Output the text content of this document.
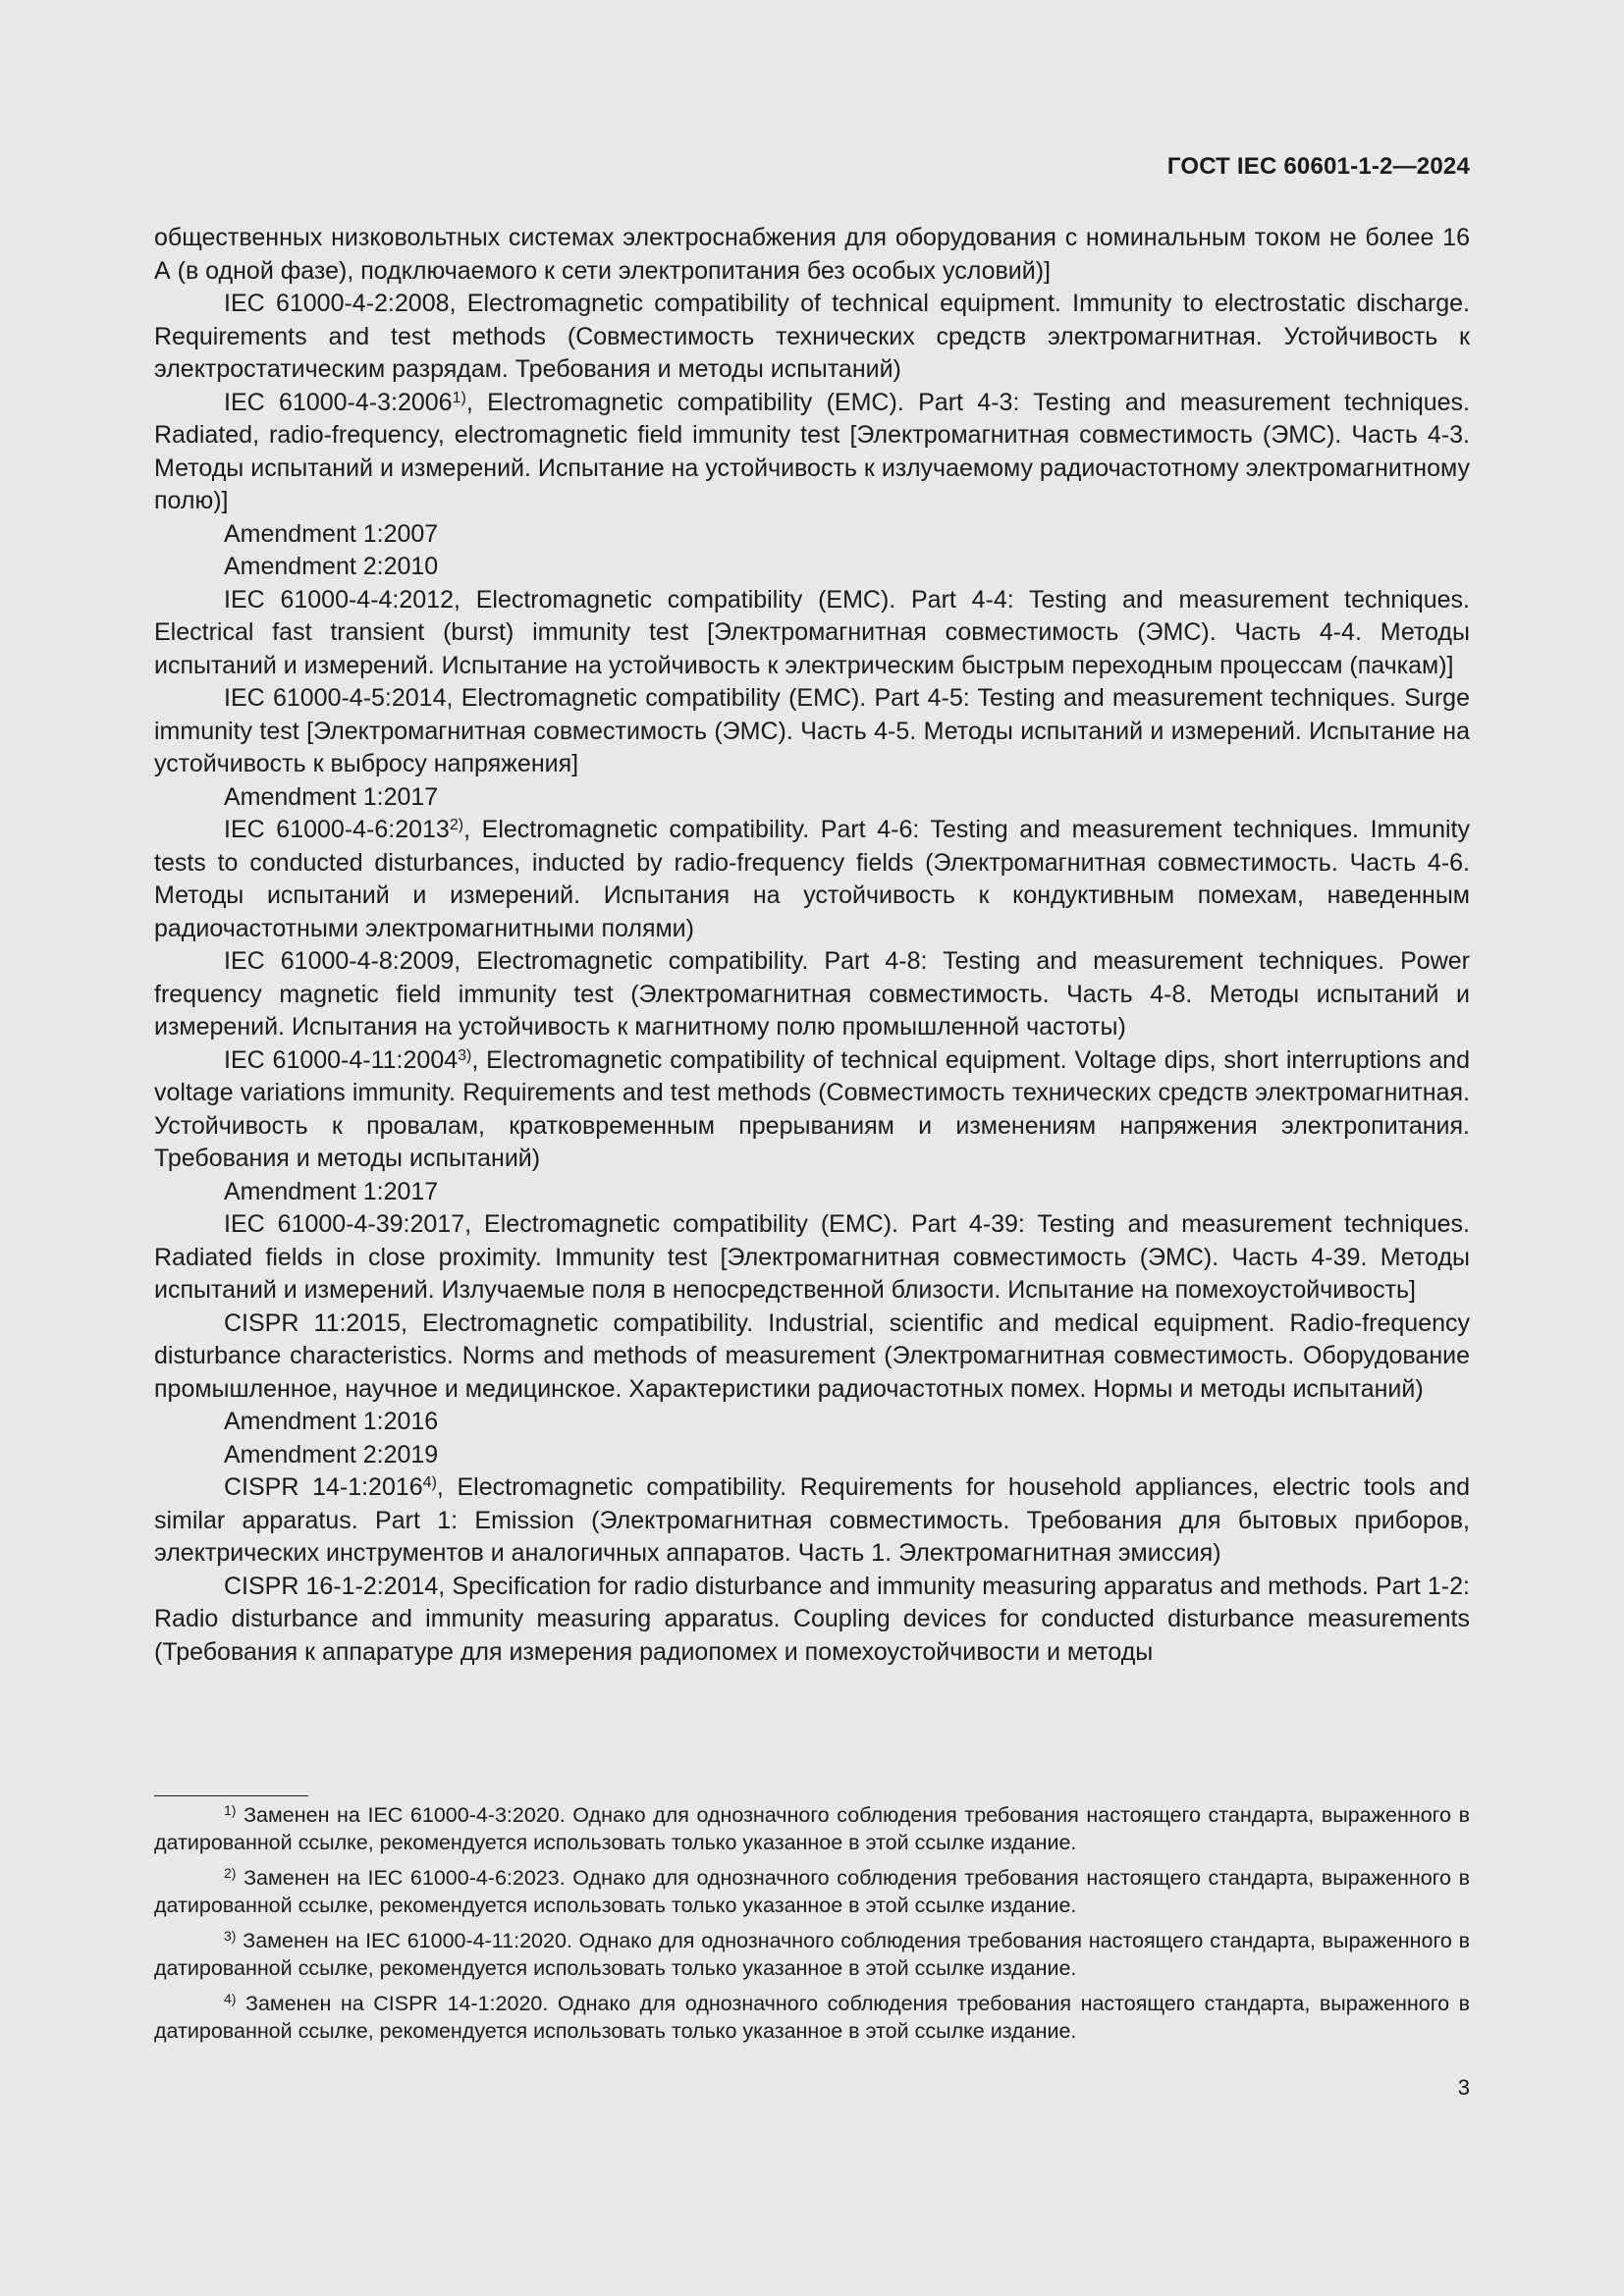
ГОСТ IEC 60601-1-2—2024

общественных низковольтных системах электроснабжения для оборудования с номинальным током не более 16 А (в одной фазе), подключаемого к сети электропитания без особых условий)]

IEC 61000-4-2:2008, Electromagnetic compatibility of technical equipment. Immunity to electrostatic discharge. Requirements and test methods (Совместимость технических средств электромагнитная. Устойчивость к электростатическим разрядам. Требования и методы испытаний)

IEC 61000-4-3:2006$^{1)}$, Electromagnetic compatibility (EMC). Part 4-3: Testing and measurement techniques. Radiated, radio-frequency, electromagnetic field immunity test [Электромагнитная совместимость (ЭМС). Часть 4-3. Методы испытаний и измерений. Испытание на устойчивость к излучаемому радиочастотному электромагнитному полю)]

Amendment 1:2007

Amendment 2:2010

IEC 61000-4-4:2012, Electromagnetic compatibility (EMC). Part 4-4: Testing and measurement techniques. Electrical fast transient (burst) immunity test [Электромагнитная совместимость (ЭМС). Часть 4-4. Методы испытаний и измерений. Испытание на устойчивость к электрическим быстрым переходным процессам (пачкам)]

IEC 61000-4-5:2014, Electromagnetic compatibility (EMC). Part 4-5: Testing and measurement techniques. Surge immunity test [Электромагнитная совместимость (ЭМС). Часть 4-5. Методы испытаний и измерений. Испытание на устойчивость к выбросу напряжения]

Amendment 1:2017

IEC 61000-4-6:2013$^{2)}$, Electromagnetic compatibility. Part 4-6: Testing and measurement techniques. Immunity tests to conducted disturbances, inducted by radio-frequency fields (Электромагнитная совместимость. Часть 4-6. Методы испытаний и измерений. Испытания на устойчивость к кондуктивным помехам, наведенным радиочастотными электромагнитными полями)

IEC 61000-4-8:2009, Electromagnetic compatibility. Part 4-8: Testing and measurement techniques. Power frequency magnetic field immunity test (Электромагнитная совместимость. Часть 4-8. Методы испытаний и измерений. Испытания на устойчивость к магнитному полю промышленной частоты)

IEC 61000-4-11:2004$^{3)}$, Electromagnetic compatibility of technical equipment. Voltage dips, short interruptions and voltage variations immunity. Requirements and test methods (Совместимость технических средств электромагнитная. Устойчивость к провалам, кратковременным прерываниям и изменениям напряжения электропитания. Требования и методы испытаний)

Amendment 1:2017

IEC 61000-4-39:2017, Electromagnetic compatibility (EMC). Part 4-39: Testing and measurement techniques. Radiated fields in close proximity. Immunity test [Электромагнитная совместимость (ЭМС). Часть 4-39. Методы испытаний и измерений. Излучаемые поля в непосредственной близости. Испытание на помехоустойчивость]

CISPR 11:2015, Electromagnetic compatibility. Industrial, scientific and medical equipment. Radio-frequency disturbance characteristics. Norms and methods of measurement (Электромагнитная совместимость. Оборудование промышленное, научное и медицинское. Характеристики радиочастотных помех. Нормы и методы испытаний)

Amendment 1:2016

Amendment 2:2019

CISPR 14-1:2016$^{4)}$, Electromagnetic compatibility. Requirements for household appliances, electric tools and similar apparatus. Part 1: Emission (Электромагнитная совместимость. Требования для бытовых приборов, электрических инструментов и аналогичных аппаратов. Часть 1. Электромагнитная эмиссия)

CISPR 16-1-2:2014, Specification for radio disturbance and immunity measuring apparatus and methods. Part 1-2: Radio disturbance and immunity measuring apparatus. Coupling devices for conducted disturbance measurements (Требования к аппаратуре для измерения радиопомех и помехоустойчивости и методы

$^{1)}$ Заменен на IEC 61000-4-3:2020. Однако для однозначного соблюдения требования настоящего стандарта, выраженного в датированной ссылке, рекомендуется использовать только указанное в этой ссылке издание.

$^{2)}$ Заменен на IEC 61000-4-6:2023. Однако для однозначного соблюдения требования настоящего стандарта, выраженного в датированной ссылке, рекомендуется использовать только указанное в этой ссылке издание.

$^{3)}$ Заменен на IEC 61000-4-11:2020. Однако для однозначного соблюдения требования настоящего стандарта, выраженного в датированной ссылке, рекомендуется использовать только указанное в этой ссылке издание.

$^{4)}$ Заменен на CISPR 14-1:2020. Однако для однозначного соблюдения требования настоящего стандарта, выраженного в датированной ссылке, рекомендуется использовать только указанное в этой ссылке издание.

3
